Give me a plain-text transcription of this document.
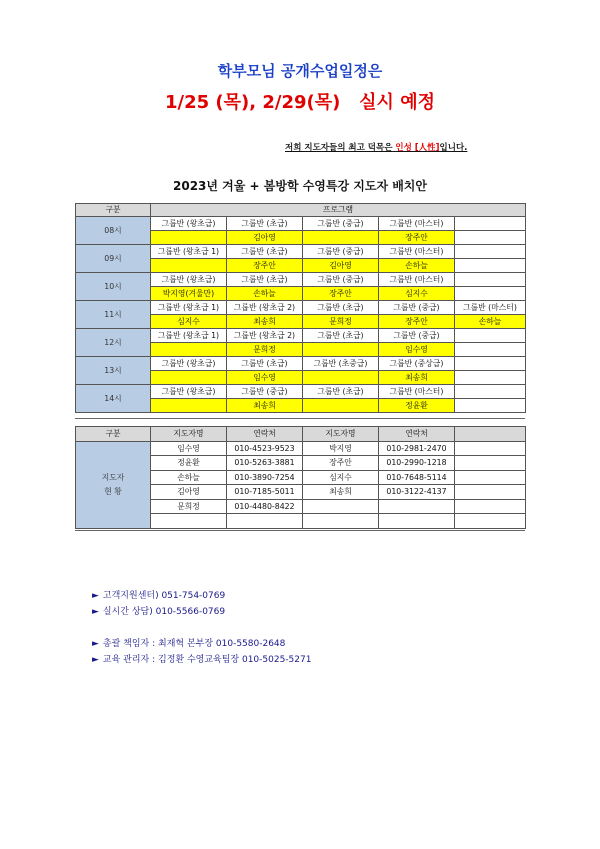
학부모님 공개수업일정은
1/25 (목), 2/29(목) 실시 예정
저희 지도자들의 최고 덕목은 인성 [人性]입니다.
2023년 겨울 + 봄방학 수영특강 지도자 배치안
구분	프로그램				
08시	그룹반 (왕초급)	그룹반 (초급)	그룹반 (중급)	그룹반 (마스터)	
		김아영		장주안	
09시	그룹반 (왕초급 1)	그룹반 (초급)	그룹반 (중급)	그룹반 (마스터)	
		장주안	김아영	손하늘	
10시	그룹반 (왕초급)	그룹반 (초급)	그룹반 (중급)	그룹반 (마스터)	
	박지영(겨울만)	손하늘	장주안	심지수	
11시	그룹반 (왕초급 1)	그룹반 (왕초급 2)	그룹반 (초급)	그룹반 (중급)	그룹반 (마스터)
	심지수	최송희	문희정	장주안	손하늘
12시	그룹반 (왕초급 1)	그룹반 (왕초급 2)	그룹반 (초급)	그룹반 (중급)	
		문희정		임수영	
13시	그룹반 (왕초급)	그룹반 (초급)	그룹반 (초중급)	그룹반 (중상급)	
		임수영		최송희	
14시	그룹반 (왕초급)	그룹반 (중급)	그룹반 (초급)	그룹반 (마스터)	
		최송희		정윤환	
구분	지도자명	연락처	지도자명	연락처	

지도자
현 황	임수영	010-4523-9523	박지영	010-2981-2470	
	정윤환	010-5263-3881	장주안	010-2990-1218	
	손하늘	010-3890-7254	심지수	010-7648-5114	
	김아영	010-7185-5011	최송희	010-3122-4137	
	문희정	010-4480-8422			

► 고객지원센터) 051-754-0769
► 실시간 상담) 010-5566-0769
► 총괄 책임자 : 최재혁 본부장 010-5580-2648
► 교육 관리자 : 김정환 수영교육팀장 010-5025-5271
